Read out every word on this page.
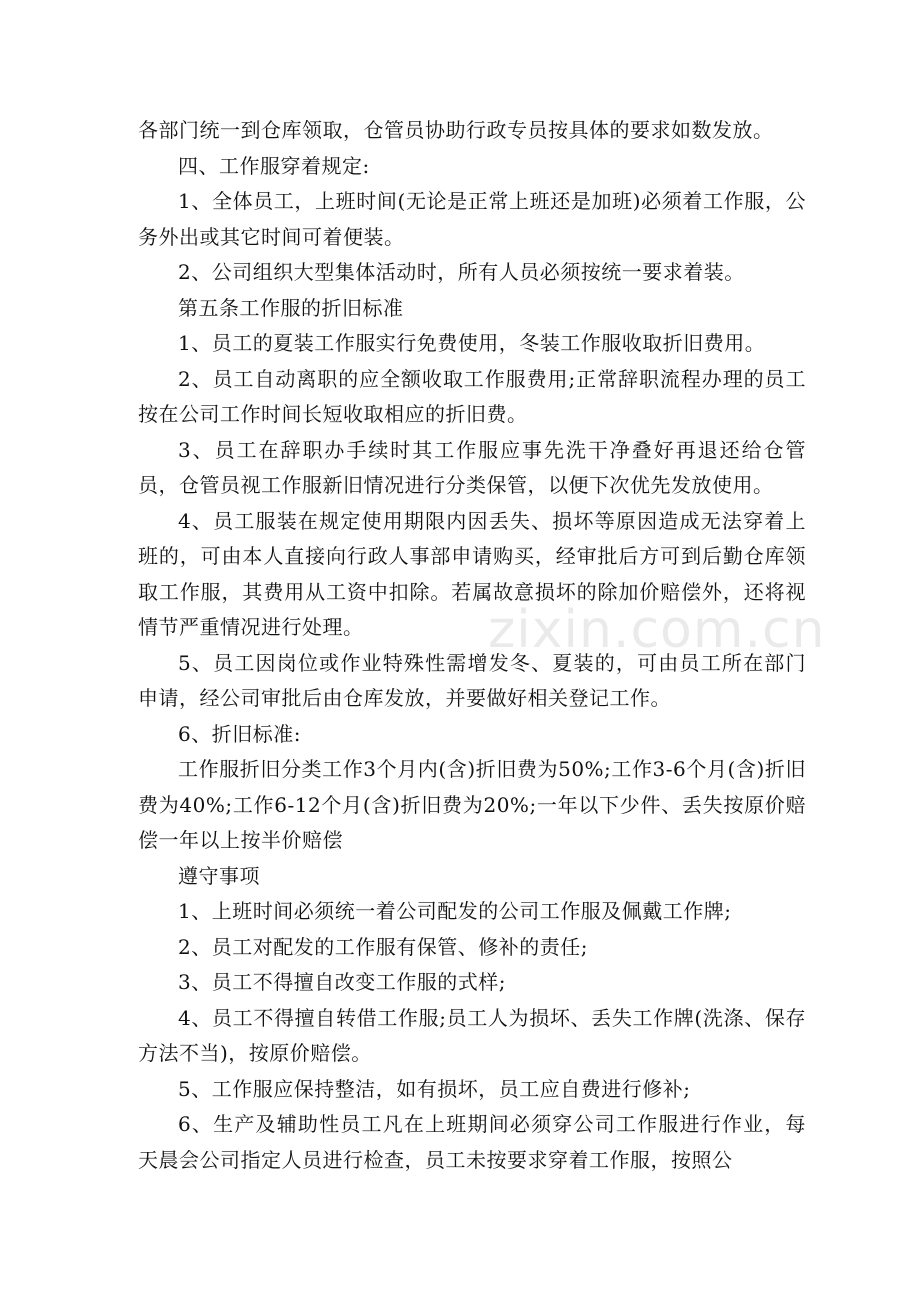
各部门统一到仓库领取，仓管员协助行政专员按具体的要求如数发放。

四、工作服穿着规定:

1、全体员工，上班时间(无论是正常上班还是加班)必须着工作服，公务外出或其它时间可着便装。

2、公司组织大型集体活动时，所有人员必须按统一要求着装。

第五条工作服的折旧标准

1、员工的夏装工作服实行免费使用，冬装工作服收取折旧费用。

2、员工自动离职的应全额收取工作服费用;正常辞职流程办理的员工按在公司工作时间长短收取相应的折旧费。

3、员工在辞职办手续时其工作服应事先洗干净叠好再退还给仓管员，仓管员视工作服新旧情况进行分类保管，以便下次优先发放使用。

4、员工服装在规定使用期限内因丢失、损坏等原因造成无法穿着上班的，可由本人直接向行政人事部申请购买，经审批后方可到后勤仓库领取工作服，其费用从工资中扣除。若属故意损坏的除加价赔偿外，还将视情节严重情况进行处理。

5、员工因岗位或作业特殊性需增发冬、夏装的，可由员工所在部门申请，经公司审批后由仓库发放，并要做好相关登记工作。

6、折旧标准:

工作服折旧分类工作3个月内(含)折旧费为50%;工作3-6个月(含)折旧费为40%;工作6-12个月(含)折旧费为20%;一年以下少件、丢失按原价赔偿一年以上按半价赔偿

遵守事项

1、上班时间必须统一着公司配发的公司工作服及佩戴工作牌;

2、员工对配发的工作服有保管、修补的责任;

3、员工不得擅自改变工作服的式样;

4、员工不得擅自转借工作服;员工人为损坏、丢失工作牌(洗涤、保存方法不当)，按原价赔偿。

5、工作服应保持整洁，如有损坏，员工应自费进行修补;

6、生产及辅助性员工凡在上班期间必须穿公司工作服进行作业，每天晨会公司指定人员进行检查，员工未按要求穿着工作服，按照公

zixin.com.cn
